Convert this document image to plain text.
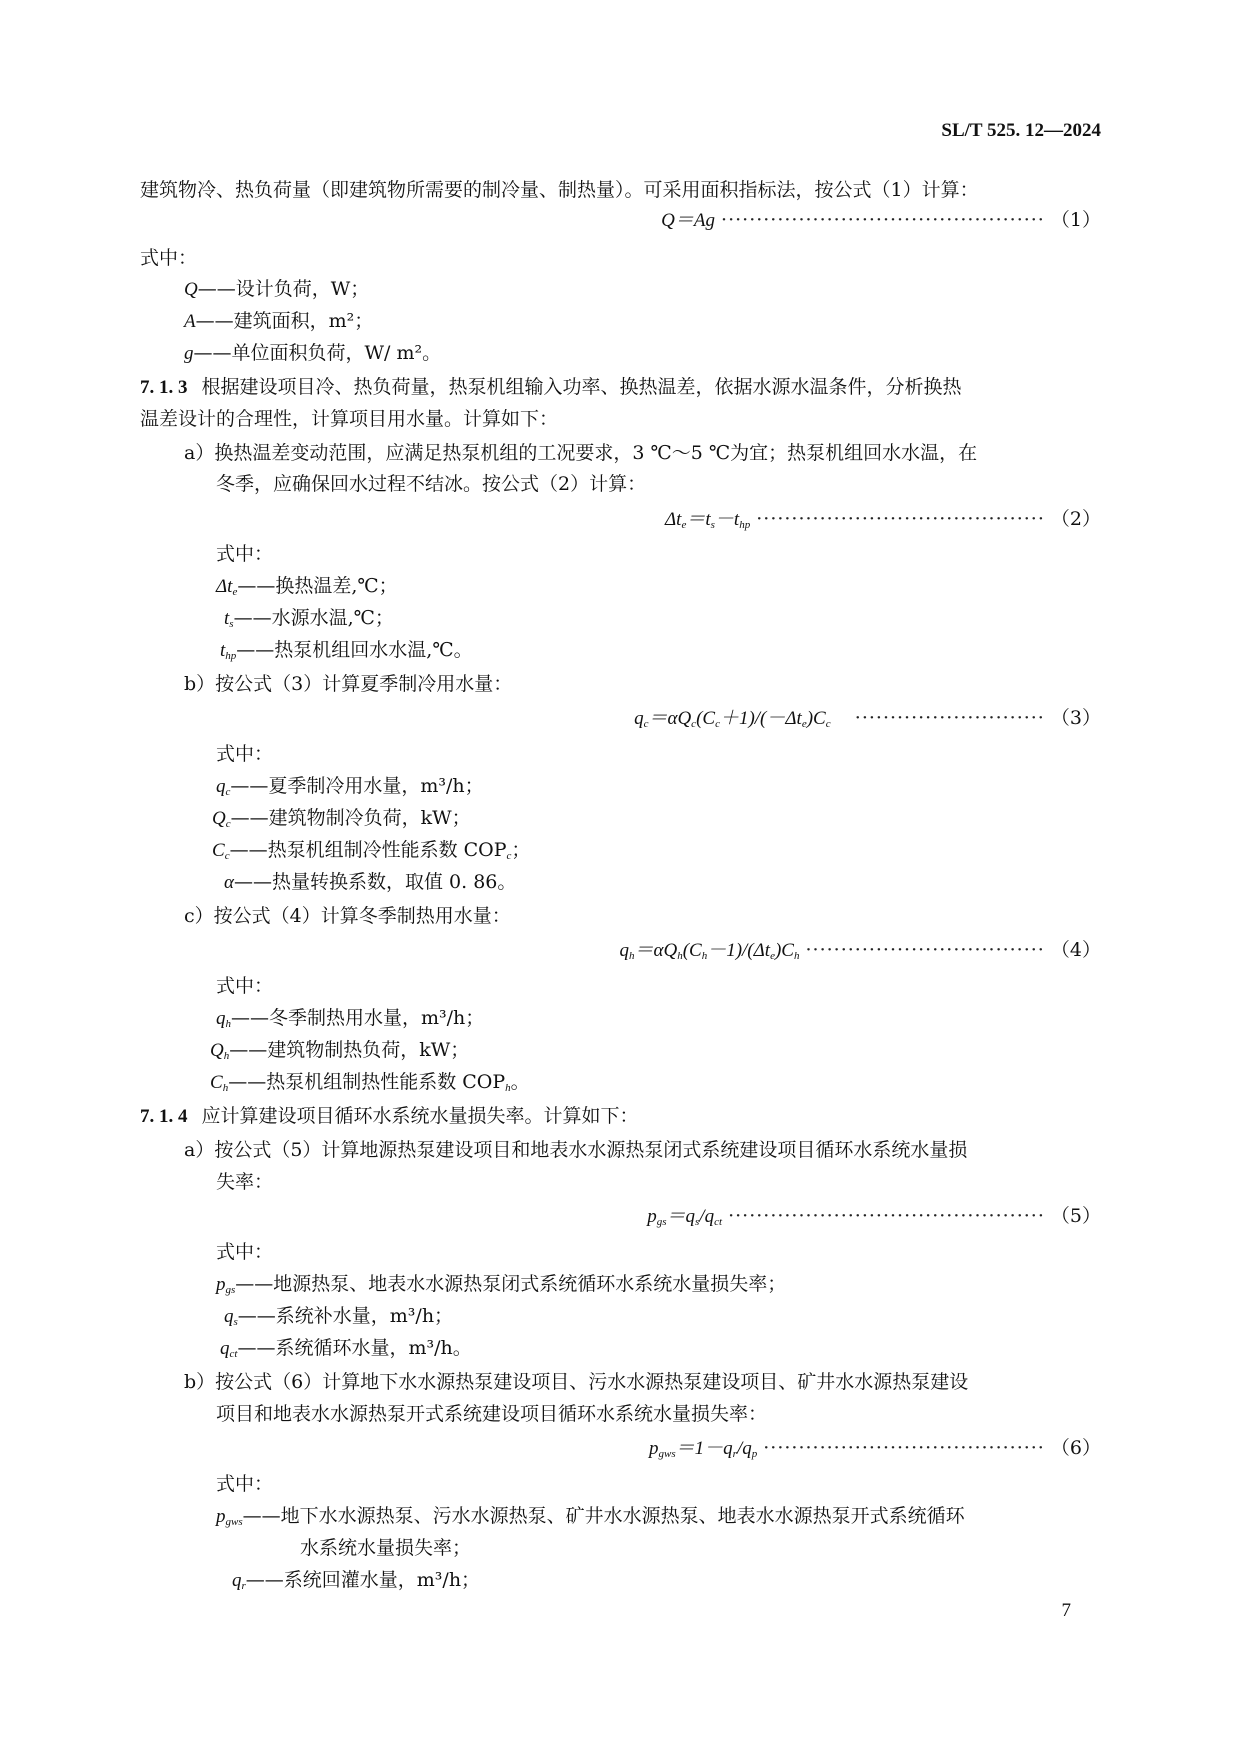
SL/T 525. 12—2024
建筑物冷、热负荷量（即建筑物所需要的制冷量、制热量）。可采用面积指标法，按公式（1）计算：
Q＝Ag ·············································· （1）
式中：
Q——设计负荷，W；
A——建筑面积，m²；
g——单位面积负荷，W/ m²。
7. 1. 3 根据建设项目冷、热负荷量，热泵机组输入功率、换热温差，依据水源水温条件，分析换热
温差设计的合理性，计算项目用水量。计算如下：
a）换热温差变动范围，应满足热泵机组的工况要求，3 ℃～5 ℃为宜；热泵机组回水水温，在
冬季，应确保回水过程不结冰。按公式（2）计算：
$\Delta t_e=t_s-t_{hp}$ ········································· （2）
式中：
$\Delta t_e——$换热温差,℃；
$t_s——$水源水温,℃；
$t_{hp}——$热泵机组回水水温,℃。
b）按公式（3）计算夏季制冷用水量：
$q_c=\alpha Q_c(C_c+1)/(-\Delta t_e)C_c$ ··························· （3）
式中：
$q_c——$夏季制冷用水量，m³/h；
$Q_c——$建筑物制冷负荷，kW；
$C_c——$热泵机组制冷性能系数 $COP_c$；
α——热量转换系数，取值 0. 86。
c）按公式（4）计算冬季制热用水量：
$q_h=\alpha Q_h(C_h-1)/(\Delta t_e)C_h$ ·································· （4）
式中：
$q_h——$冬季制热用水量，m³/h；
$Q_h——$建筑物制热负荷，kW；
$C_h——$热泵机组制热性能系数 $COP_h$。
7. 1. 4 应计算建设项目循环水系统水量损失率。计算如下：
a）按公式（5）计算地源热泵建设项目和地表水水源热泵闭式系统建设项目循环水系统水量损
失率：
$p_{gs}=q_s/q_{ct}$ ············································· （5）
式中：
$p_{gs}——$地源热泵、地表水水源热泵闭式系统循环水系统水量损失率；
$q_s——$系统补水量，m³/h；
$q_{ct}——$系统循环水量，m³/h。
b）按公式（6）计算地下水水源热泵建设项目、污水水源热泵建设项目、矿井水水源热泵建设
项目和地表水水源热泵开式系统建设项目循环水系统水量损失率：
$p_{gws}=1-q_r/q_p$ ········································ （6）
式中：
$p_{gws}——$地下水水源热泵、污水水源热泵、矿井水水源热泵、地表水水源热泵开式系统循环
水系统水量损失率；
$q_r——$系统回灌水量，m³/h；
7
